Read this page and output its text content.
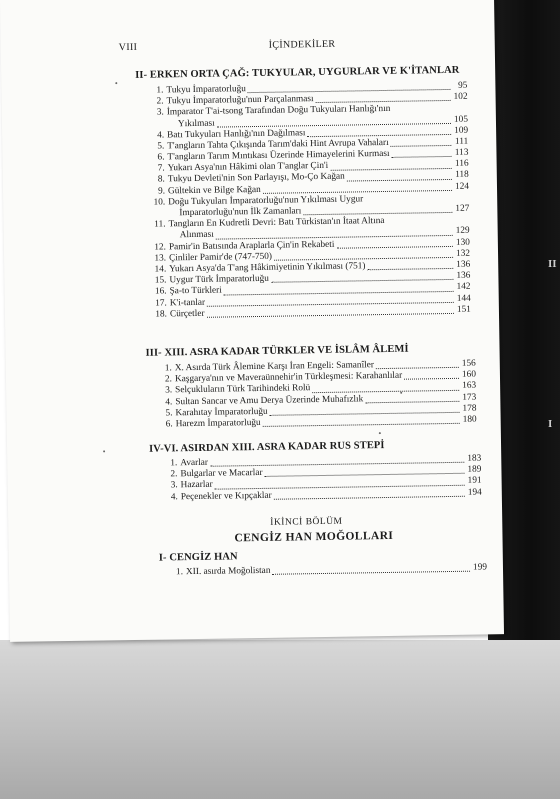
II
I
VIII	İÇİNDEKİLER
II- ERKEN ORTA ÇAĞ: TUKYULAR, UYGURLAR VE K'İTANLAR
1. Tukyu İmparatorluğu	95
2. Tukyu İmparatorluğu'nun Parçalanması	102
3. İmparator T'ai-tsong Tarafından Doğu Tukyuları Hanlığı'nın
Yıkılması	105
4. Batı Tukyuları Hanlığı'nın Dağılması	109
5. T'angların Tahta Çıkışında Tarım'daki Hint Avrupa Vahaları	111
6. T'angların Tarım Mıntıkası Üzerinde Himayelerini Kurması	113
7. Yukarı Asya'nın Hâkimi olan T'anglar Çin'i	116
8. Tukyu Devleti'nin Son Parlayışı, Mo-Ço Kağan	118
9. Gültekin ve Bilge Kağan	124
10. Doğu Tukyuları İmparatorluğu'nun Yıkılması Uygur
İmparatorluğu'nun İlk Zamanları	127
11. Tangların En Kudretli Devri: Batı Türkistan'ın İtaat Altına
Alınması	129
12. Pamir'in Batısında Araplarla Çin'in Rekabeti	130
13. Çinliler Pamir'de (747-750)	132
14. Yukarı Asya'da T'ang Hâkimiyetinin Yıkılması (751)	136
15. Uygur Türk İmparatorluğu	136
16. Şa-to Türkleri	142
17. K'i-tanlar	144
18. Cürçetler	151
III- XIII. ASRA KADAR TÜRKLER VE İSLÂM ÂLEMİ
1. X. Asırda Türk Âlemine Karşı İran Engeli: Samanîler	156
2. Kaşgarya'nın ve Maveraünnehir'in Türkleşmesi: Karahanlılar	160
3. Selçukluların Türk Tarihindeki Rolü	163
4. Sultan Sancar ve Amu Derya Üzerinde Muhafızlık	173
5. Karahıtay İmparatorluğu	178
6. Harezm İmparatorluğu	180
IV-VI. ASIRDAN XIII. ASRA KADAR RUS STEPİ
1. Avarlar	183
2. Bulgarlar ve Macarlar	189
3. Hazarlar	191
4. Peçenekler ve Kıpçaklar	194
İKİNCİ BÖLÜM
CENGİZ HAN MOĞOLLARI
I- CENGİZ HAN
1. XII. asırda Moğolistan	199
